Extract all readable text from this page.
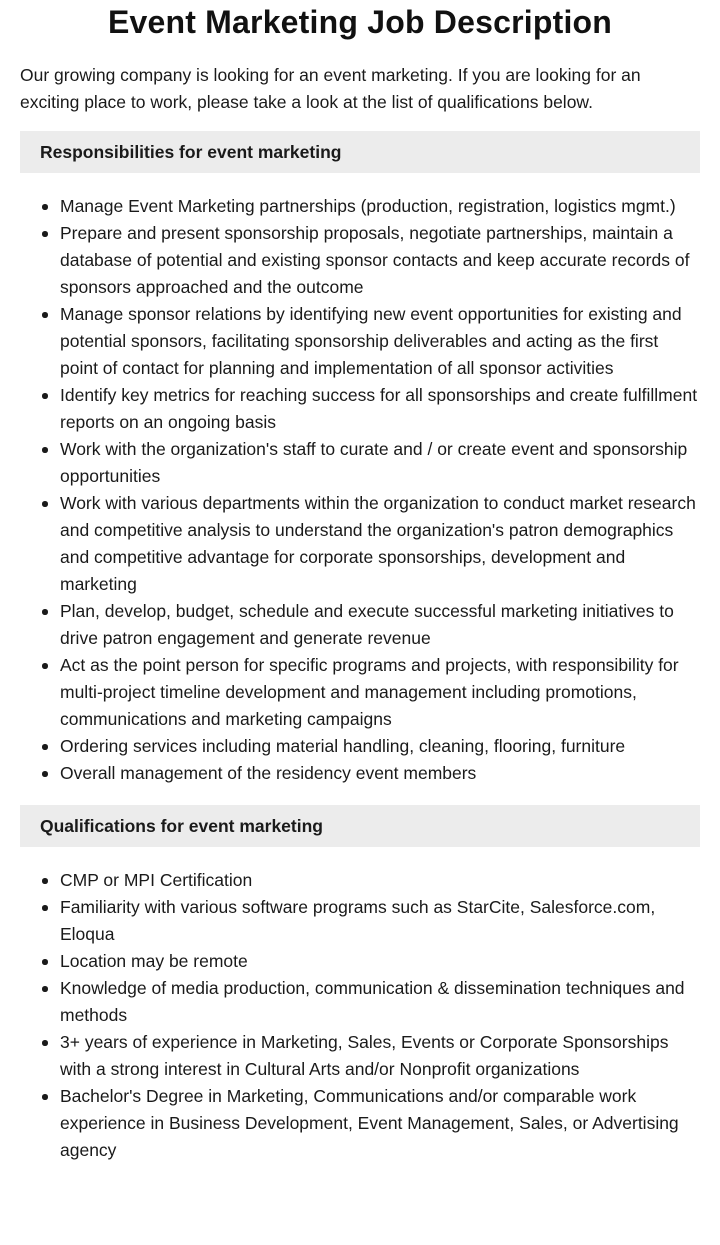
Event Marketing Job Description

Our growing company is looking for an event marketing. If you are looking for an exciting place to work, please take a look at the list of qualifications below.

Responsibilities for event marketing
Manage Event Marketing partnerships (production, registration, logistics mgmt.)
Prepare and present sponsorship proposals, negotiate partnerships, maintain a database of potential and existing sponsor contacts and keep accurate records of sponsors approached and the outcome
Manage sponsor relations by identifying new event opportunities for existing and potential sponsors, facilitating sponsorship deliverables and acting as the first point of contact for planning and implementation of all sponsor activities
Identify key metrics for reaching success for all sponsorships and create fulfillment reports on an ongoing basis
Work with the organization's staff to curate and / or create event and sponsorship opportunities
Work with various departments within the organization to conduct market research and competitive analysis to understand the organization's patron demographics and competitive advantage for corporate sponsorships, development and marketing
Plan, develop, budget, schedule and execute successful marketing initiatives to drive patron engagement and generate revenue
Act as the point person for specific programs and projects, with responsibility for multi-project timeline development and management including promotions, communications and marketing campaigns
Ordering services including material handling, cleaning, flooring, furniture
Overall management of the residency event members
Qualifications for event marketing
CMP or MPI Certification
Familiarity with various software programs such as StarCite, Salesforce.com, Eloqua
Location may be remote
Knowledge of media production, communication & dissemination techniques and methods
3+ years of experience in Marketing, Sales, Events or Corporate Sponsorships with a strong interest in Cultural Arts and/or Nonprofit organizations
Bachelor's Degree in Marketing, Communications and/or comparable work experience in Business Development, Event Management, Sales, or Advertising agency
